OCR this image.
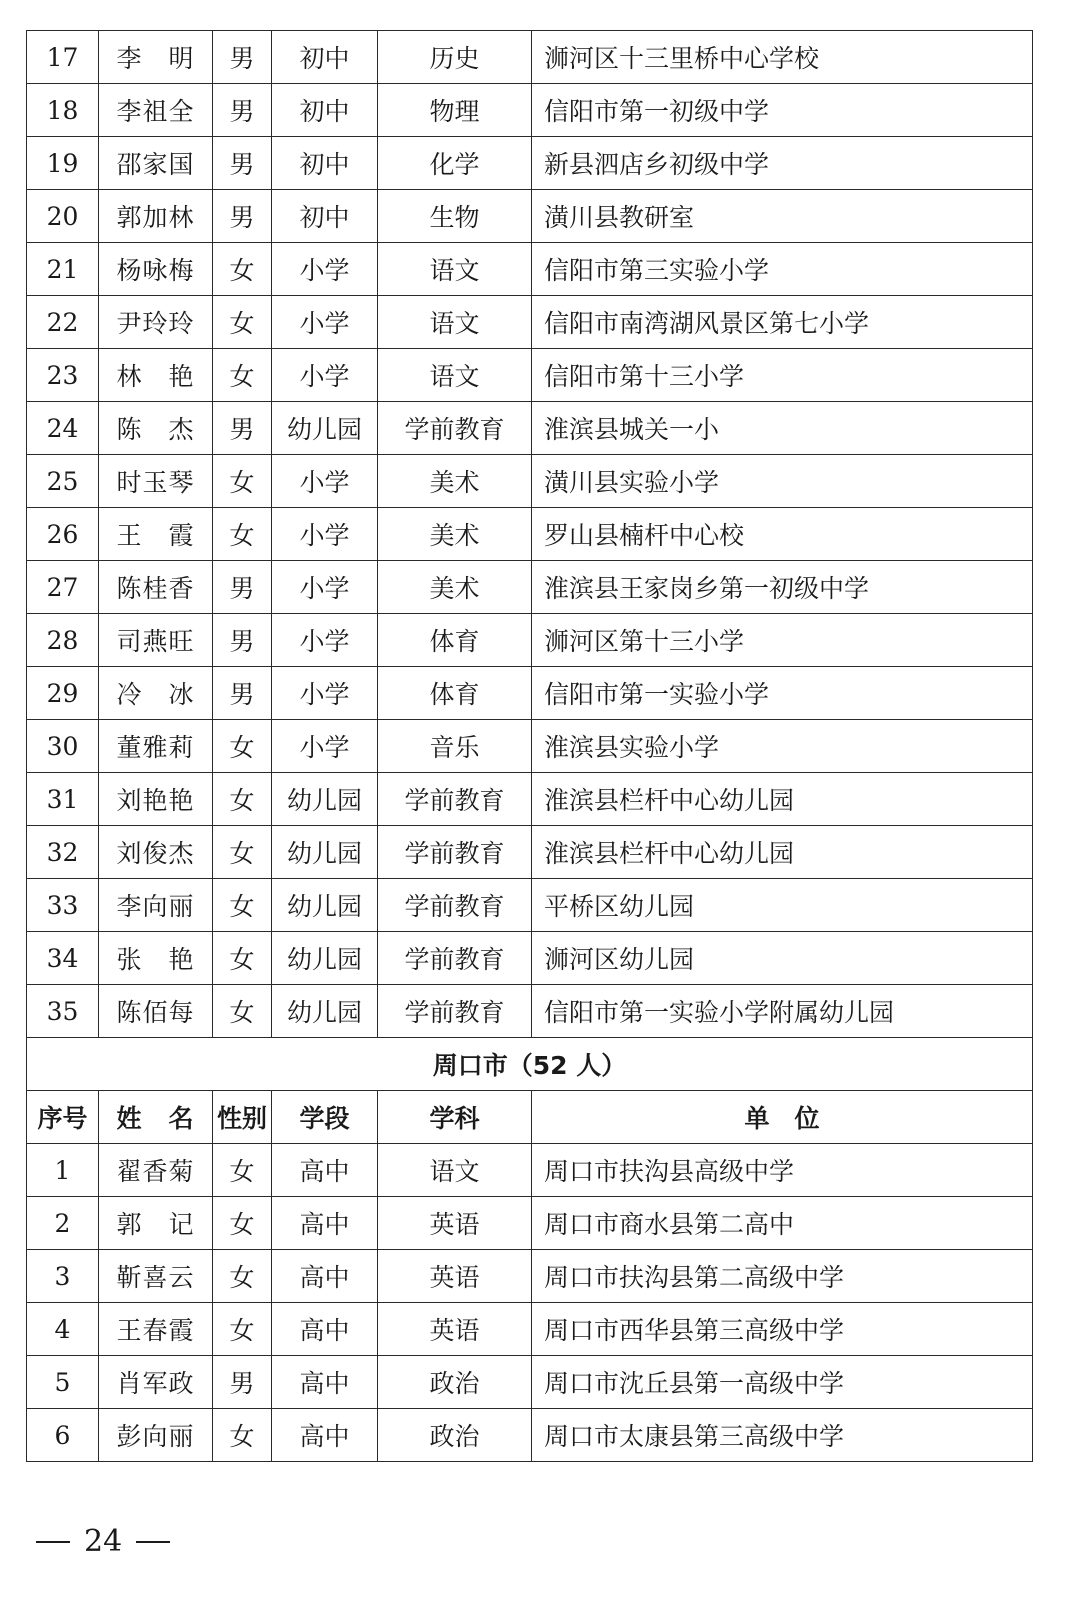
17	李　明	男	初中	历史	浉河区十三里桥中心学校
18	李祖全	男	初中	物理	信阳市第一初级中学
19	邵家国	男	初中	化学	新县泗店乡初级中学
20	郭加林	男	初中	生物	潢川县教研室
21	杨咏梅	女	小学	语文	信阳市第三实验小学
22	尹玲玲	女	小学	语文	信阳市南湾湖风景区第七小学
23	林　艳	女	小学	语文	信阳市第十三小学
24	陈　杰	男	幼儿园	学前教育	淮滨县城关一小
25	时玉琴	女	小学	美术	潢川县实验小学
26	王　霞	女	小学	美术	罗山县楠杆中心校
27	陈桂香	男	小学	美术	淮滨县王家岗乡第一初级中学
28	司燕旺	男	小学	体育	浉河区第十三小学
29	冷　冰	男	小学	体育	信阳市第一实验小学
30	董雅莉	女	小学	音乐	淮滨县实验小学
31	刘艳艳	女	幼儿园	学前教育	淮滨县栏杆中心幼儿园
32	刘俊杰	女	幼儿园	学前教育	淮滨县栏杆中心幼儿园
33	李向丽	女	幼儿园	学前教育	平桥区幼儿园
34	张　艳	女	幼儿园	学前教育	浉河区幼儿园
35	陈佰每	女	幼儿园	学前教育	信阳市第一实验小学附属幼儿园
周口市（52 人）					
序号	姓　名	性别	学段	学科	单　位
1	翟香菊	女	高中	语文	周口市扶沟县高级中学
2	郭　记	女	高中	英语	周口市商水县第二高中
3	靳喜云	女	高中	英语	周口市扶沟县第二高级中学
4	王春霞	女	高中	英语	周口市西华县第三高级中学
5	肖军政	男	高中	政治	周口市沈丘县第一高级中学
6	彭向丽	女	高中	政治	周口市太康县第三高级中学
24
